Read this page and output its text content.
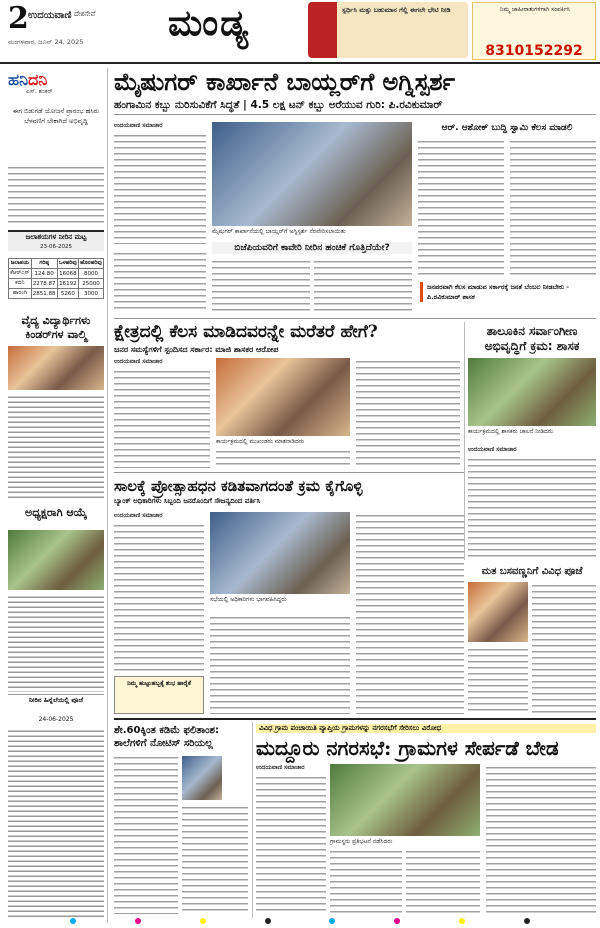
2 ಉದಯವಾಣಿ ದೇಶಸೇವೆ
ಮಂಗಳವಾರ, ಜೂನ್ 24, 2025 ಮಂಡ್ಯ	ಸ್ಪರ್ಧಿಸಿ ಮತ್ತು ಬಹುಮಾನ ಗೆಲ್ಲಿ ಈಗಲೇ ಭೇಟಿ ನೀಡಿ	ನಿಮ್ಮ ಜಾಹೀರಾತುಗಳಿಗಾಗಿ ಸಂಪರ್ಕಿಸಿ
8310152292
ಹನಿದನಿ
ಎಸ್. ಶಂಕರ್
ಈಗ ಬಿಡುಗಡೆ ಯೋಜನೆ ಪ್ರಾರಂಭ ಹಸಿರು ಬೆಳವಣಿಗೆ ಬೇಕಾಗಿದೆ ಅಭಿವೃದ್ಧಿ
ಜಲಾಶಯಗಳ ನೀರಿನ ಮಟ್ಟ
23-06-2025
ಜಲಾಶಯ	ಗರಿಷ್ಠ	ಒಳಹರಿವು	ಹೊರಹರಿವು
ಕೆಆರ್‌ಎಸ್	124.80	16068	8000
ಕಬಿನಿ	2278.87	16192	25000
ಹಾರಂಗಿ	2851.88	5260	3000
ವೈದ್ಯ ವಿದ್ಯಾರ್ಥಿಗಳು ಕಿಂಡರ್‌ಗಳ ವಾಲ್ಮಿ
ಅಧ್ಯಕ್ಷರಾಗಿ ಆಯ್ಕೆ
ನೀರಿನ ಹಿನ್ನೆಲೆಯಲ್ಲಿ ಪೂಜೆ
24-06-2025
ಮೈಷುಗರ್ ಕಾರ್ಖಾನೆ ಬಾಯ್ಲರ್‌ಗೆ ಅಗ್ನಿಸ್ಪರ್ಶ
ಹಂಗಾಮಿನ ಕಬ್ಬು ನುರಿಸುವಿಕೆಗೆ ಸಿದ್ಧತೆ | 4.5 ಲಕ್ಷ ಟನ್ ಕಬ್ಬು ಅರೆಯುವ ಗುರಿ: ಪಿ.ರವಿಕುಮಾರ್
ಉದಯವಾಣಿ ಸಮಾಚಾರ
ಮೈಷುಗರ್ ಕಾರ್ಖಾನೆಯಲ್ಲಿ ಬಾಯ್ಲರ್‌ಗೆ ಅಗ್ನಿಸ್ಪರ್ಶ ನೆರವೇರಿಸಲಾಯಿತು
ಆರ್. ಆಶೋಕ್ ಬುದ್ದಿ ಸ್ವಾಮಿ ಕೆಲಸ ಮಾಡಲಿ
ಬಿಜೆಪಿಯವರಿಗೆ ಕಾವೇರಿ ನೀರಿನ ಹಂಚಿಕೆ ಗೊತ್ತಿದೆಯೇ?
ಜನಪರವಾಗಿ ಕೆಲಸ ಮಾಡುವ ಸರ್ಕಾರಕ್ಕೆ ಜನತೆ ಬೆಂಬಲ ನೀಡಬೇಕು - ಪಿ.ರವಿಕುಮಾರ್ ಶಾಸಕ
ಕ್ಷೇತ್ರದಲ್ಲಿ ಕೆಲಸ ಮಾಡಿದವರನ್ನೇ ಮರೆತರೆ ಹೇಗೆ?
ಜನರ ಸಮಸ್ಯೆಗಳಿಗೆ ಸ್ಪಂದಿಸದ ಸರ್ಕಾರ: ಮಾಜಿ ಶಾಸಕರ ಆರೋಪ
ಉದಯವಾಣಿ ಸಮಾಚಾರ
ಕಾರ್ಯಕ್ರಮದಲ್ಲಿ ಮುಖಂಡರು ಮಾತನಾಡಿದರು
ತಾಲೂಕಿನ ಸರ್ವಾಂಗೀಣ ಅಭಿವೃದ್ಧಿಗೆ ಕ್ರಮ: ಶಾಸಕ
ಕಾರ್ಯಕ್ರಮದಲ್ಲಿ ಶಾಸಕರು ಚಾಲನೆ ನೀಡಿದರು
ಉದಯವಾಣಿ ಸಮಾಚಾರ
ಸಾಲಕ್ಕೆ ಪ್ರೋತ್ಸಾಹಧನ ಕಡಿತವಾಗದಂತೆ ಕ್ರಮ ಕೈಗೊಳ್ಳಿ
ಬ್ಯಾಂಕ್ ಅಧಿಕಾರಿಗಳು ಸಿಬ್ಬಂದಿ ಜನರೊಂದಿಗೆ ಸೌಜನ್ಯದಿಂದ ವರ್ತಿಸಿ
ಉದಯವಾಣಿ ಸಮಾಚಾರ
ಸಭೆಯಲ್ಲಿ ಅಧಿಕಾರಿಗಳು ಭಾಗವಹಿಸಿದ್ದರು
ನಿಮ್ಮ ಹುಟ್ಟುಹಬ್ಬಕ್ಕೆ ಶುಭ ಹಾರೈಕೆ
ಮತ ಬಸವಣ್ಣನಿಗೆ ವಿವಿಧ ಪೂಜೆ
ಶೇ.60ಕ್ಕಿಂತ ಕಡಿಮೆ ಫಲಿತಾಂಶ: ಶಾಲೆಗಳಿಗೆ ನೋಟಿಸ್ ಸರಿಯಲ್ಲ
ವಿವಿಧ ಗ್ರಾಮ ಪಂಚಾಯಿತಿ ವ್ಯಾಪ್ತಿಯ ಗ್ರಾಮಗಳನ್ನು ನಗರಸಭೆಗೆ ಸೇರಿಸಲು ವಿರೋಧ
ಮದ್ದೂರು ನಗರಸಭೆ: ಗ್ರಾಮಗಳ ಸೇರ್ಪಡೆ ಬೇಡ
ಉದಯವಾಣಿ ಸಮಾಚಾರ
ಗ್ರಾಮಸ್ಥರು ಪ್ರತಿಭಟನೆ ನಡೆಸಿದರು
